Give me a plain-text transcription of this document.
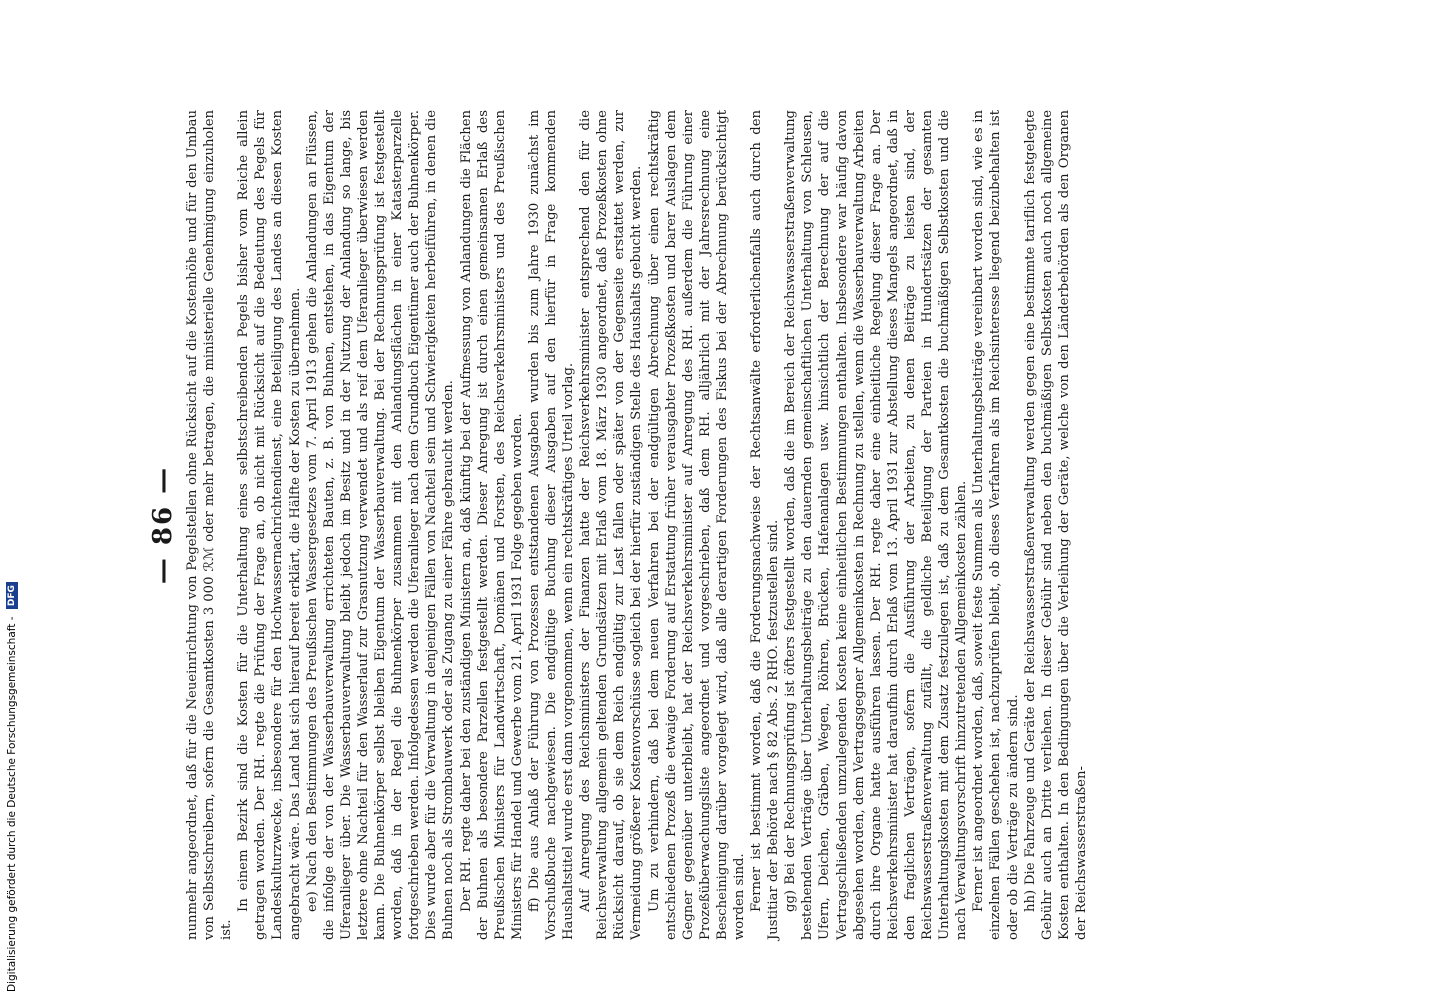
— 86 — nunmehr angeordnet, daß für die Neueinrichtung von Pegelstellen ohne Rücksicht auf die Kostenhöhe und für den Umbau von Selbstschreibern, sofern die Gesamtkosten 3 000 ℛℳ oder mehr betragen, die ministerielle Genehmigung einzuholen ist.

In einem Bezirk sind die Kosten für die Unterhaltung eines selbstschreibenden Pegels bisher vom Reiche allein getragen worden. Der RH. regte die Prüfung der Frage an, ob nicht mit Rücksicht auf die Bedeutung des Pegels für Landeskulturzwecke, insbesondere für den Hochwassernachrichtendienst, eine Beteiligung des Landes an diesen Kosten angebracht wäre. Das Land hat sich hierauf bereit erklärt, die Hälfte der Kosten zu übernehmen. ee) Nach den Bestimmungen des Preußischen Wassergesetzes vom 7. April 1913 gehen die Anlandungen an Flüssen, die infolge der von der Wasserbauverwaltung errichteten Bauten, z. B. von Buhnen, entstehen, in das Eigentum der Uferanlieger über. Die Wasserbauverwaltung bleibt jedoch im Besitz und in der Nutzung der Anlandung so lange, bis letztere ohne Nachteil für den Wasserlauf zur Grasnutzung verwendet und als reif dem Uferanlieger überwiesen werden kann. Die Buhnenkörper selbst bleiben Eigentum der Wasserbauverwaltung. Bei der Rechnungsprüfung ist festgestellt worden, daß in der Regel die Buhnenkörper zusammen mit den Anlandungsflächen in einer Katasterparzelle fortgeschrieben werden. Infolgedessen werden die Uferanlieger nach dem Grundbuch Eigentümer auch der Buhnenkörper. Dies wurde aber für die Verwaltung in denjenigen Fällen von Nachteil sein und Schwierigkeiten herbeiführen, in denen die Buhnen noch als Strombauwerk oder als Zugang zu einer Fähre gebraucht werden. Der RH. regte daher bei den zuständigen Ministern an, daß künftig bei der Aufmessung von Anlandungen die Flächen der Buhnen als besondere Parzellen festgestellt werden. Dieser Anregung ist durch einen gemeinsamen Erlaß des Preußischen Ministers für Landwirtschaft, Domänen und Forsten, des Reichsverkehrsministers und des Preußischen Ministers für Handel und Gewerbe vom 21. April 1931 Folge gegeben worden. ff) Die aus Anlaß der Führung von Prozessen entstandenen Ausgaben wurden bis zum Jahre 1930 zunächst im Vorschußbuche nachgewiesen. Die endgültige Buchung dieser Ausgaben auf den hierfür in Frage kommenden Haushaltstitel wurde erst dann vorgenommen, wenn ein rechtskräftiges Urteil vorlag. Auf Anregung des Reichsministers der Finanzen hatte der Reichsverkehrsminister entsprechend den für die Reichsverwaltung allgemein geltenden Grundsätzen mit Erlaß vom 18. März 1930 angeordnet, daß Prozeßkosten ohne Rücksicht darauf, ob sie dem Reich endgültig zur Last fallen oder später von der Gegenseite erstattet werden, zur Vermeidung größerer Kostenvorschüsse sogleich bei der hierfür zuständigen Stelle des Haushalts gebucht werden. Um zu verhindern, daß bei dem neuen Verfahren bei der endgültigen Abrechnung über einen rechtskräftig entschiedenen Prozeß die etwaige Forderung auf Erstattung früher verausgabter Prozeßkosten und barer Auslagen dem Gegner gegenüber unterbleibt, hat der Reichsverkehrsminister auf Anregung des RH. außerdem die Führung einer Prozeßüberwachungsliste angeordnet und vorgeschrieben, daß dem RH. alljährlich mit der Jahresrechnung eine Bescheinigung darüber vorgelegt wird, daß alle derartigen Forderungen des Fiskus bei der Abrechnung berücksichtigt worden sind. Ferner ist bestimmt worden, daß die Forderungsnachweise der Rechtsanwälte erforderlichenfalls auch durch den Justitiar der Behörde nach § 82 Abs. 2 RHO. festzustellen sind. gg) Bei der Rechnungsprüfung ist öfters festgestellt worden, daß die im Bereich der Reichswasserstraßenverwaltung bestehenden Verträge über Unterhaltungsbeiträge zu den dauernden gemeinschaftlichen Unterhaltung von Schleusen, Ufern, Deichen, Gräben, Wegen, Röhren, Brücken, Hafenanlagen usw. hinsichtlich der Berechnung der auf die Vertragschließenden umzulegenden Kosten keine einheitlichen Bestimmungen enthalten. Insbesondere war häufig davon abgesehen worden, dem Vertragsgegner Allgemeinkosten in Rechnung zu stellen, wenn die Wasserbauverwaltung Arbeiten durch ihre Organe hatte ausführen lassen. Der RH. regte daher eine einheitliche Regelung dieser Frage an. Der Reichsverkehrsminister hat daraufhin durch Erlaß vom 13. April 1931 zur Abstellung dieses Mangels angeordnet, daß in den fraglichen Verträgen, sofern die Ausführung der Arbeiten, zu denen Beiträge zu leisten sind, der Reichswasserstraßenverwaltung zufällt, die geldliche Beteiligung der Parteien in Hundertsätzen der gesamten Unterhaltungskosten mit dem Zusatz festzulegen ist, daß zu dem Gesamtkosten die buchmäßigen Selbstkosten und die nach Verwaltungsvorschrift hinzutretenden Allgemeinkosten zählen. Ferner ist angeordnet worden, daß, soweit feste Summen als Unterhaltungsbeiträge vereinbart worden sind, wie es in einzelnen Fällen geschehen ist, nachzuprüfen bleibt, ob dieses Verfahren als im Reichsinteresse liegend beizubehalten ist oder ob die Verträge zu ändern sind. hh) Die Fahrzeuge und Geräte der Reichswasserstraßenverwaltung werden gegen eine bestimmte tariflich festgelegte Gebühr auch an Dritte verliehen. In dieser Gebühr sind neben den buchmäßigen Selbstkosten auch noch allgemeine Kosten enthalten. In den Bedingungen über die Verleihung der Geräte, welche von den Länderbehörden als den Organen der Reichswasserstraßen-

Digitalisierung gefördert durch die Deutsche Forschungsgemeinschaft - DFG
